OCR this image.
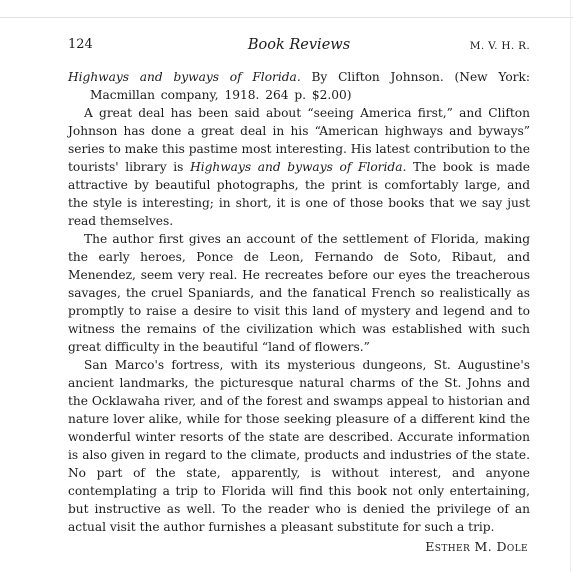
124	Book Reviews	M. V. H. R.

Highways and byways of Florida. By Clifton Johnson. (New York: Macmillan company, 1918. 264 p. $2.00)

A great deal has been said about “seeing America first,” and Clifton Johnson has done a great deal in his “American highways and byways” series to make this pastime most interesting. His latest contribution to the tourists' library is Highways and byways of Florida. The book is made attractive by beautiful photographs, the print is comfortably large, and the style is interesting; in short, it is one of those books that we say just read themselves.

The author first gives an account of the settlement of Florida, making the early heroes, Ponce de Leon, Fernando de Soto, Ribaut, and Menendez, seem very real. He recreates before our eyes the treacherous savages, the cruel Spaniards, and the fanatical French so realistically as promptly to raise a desire to visit this land of mystery and legend and to witness the remains of the civilization which was established with such great difficulty in the beautiful “land of flowers.”

San Marco's fortress, with its mysterious dungeons, St. Augustine's ancient landmarks, the picturesque natural charms of the St. Johns and the Ocklawaha river, and of the forest and swamps appeal to historian and nature lover alike, while for those seeking pleasure of a different kind the wonderful winter resorts of the state are described. Accurate information is also given in regard to the climate, products and industries of the state. No part of the state, apparently, is without interest, and anyone contemplating a trip to Florida will find this book not only entertaining, but instructive as well. To the reader who is denied the privilege of an actual visit the author furnishes a pleasant substitute for such a trip.

Esther M. Dole
